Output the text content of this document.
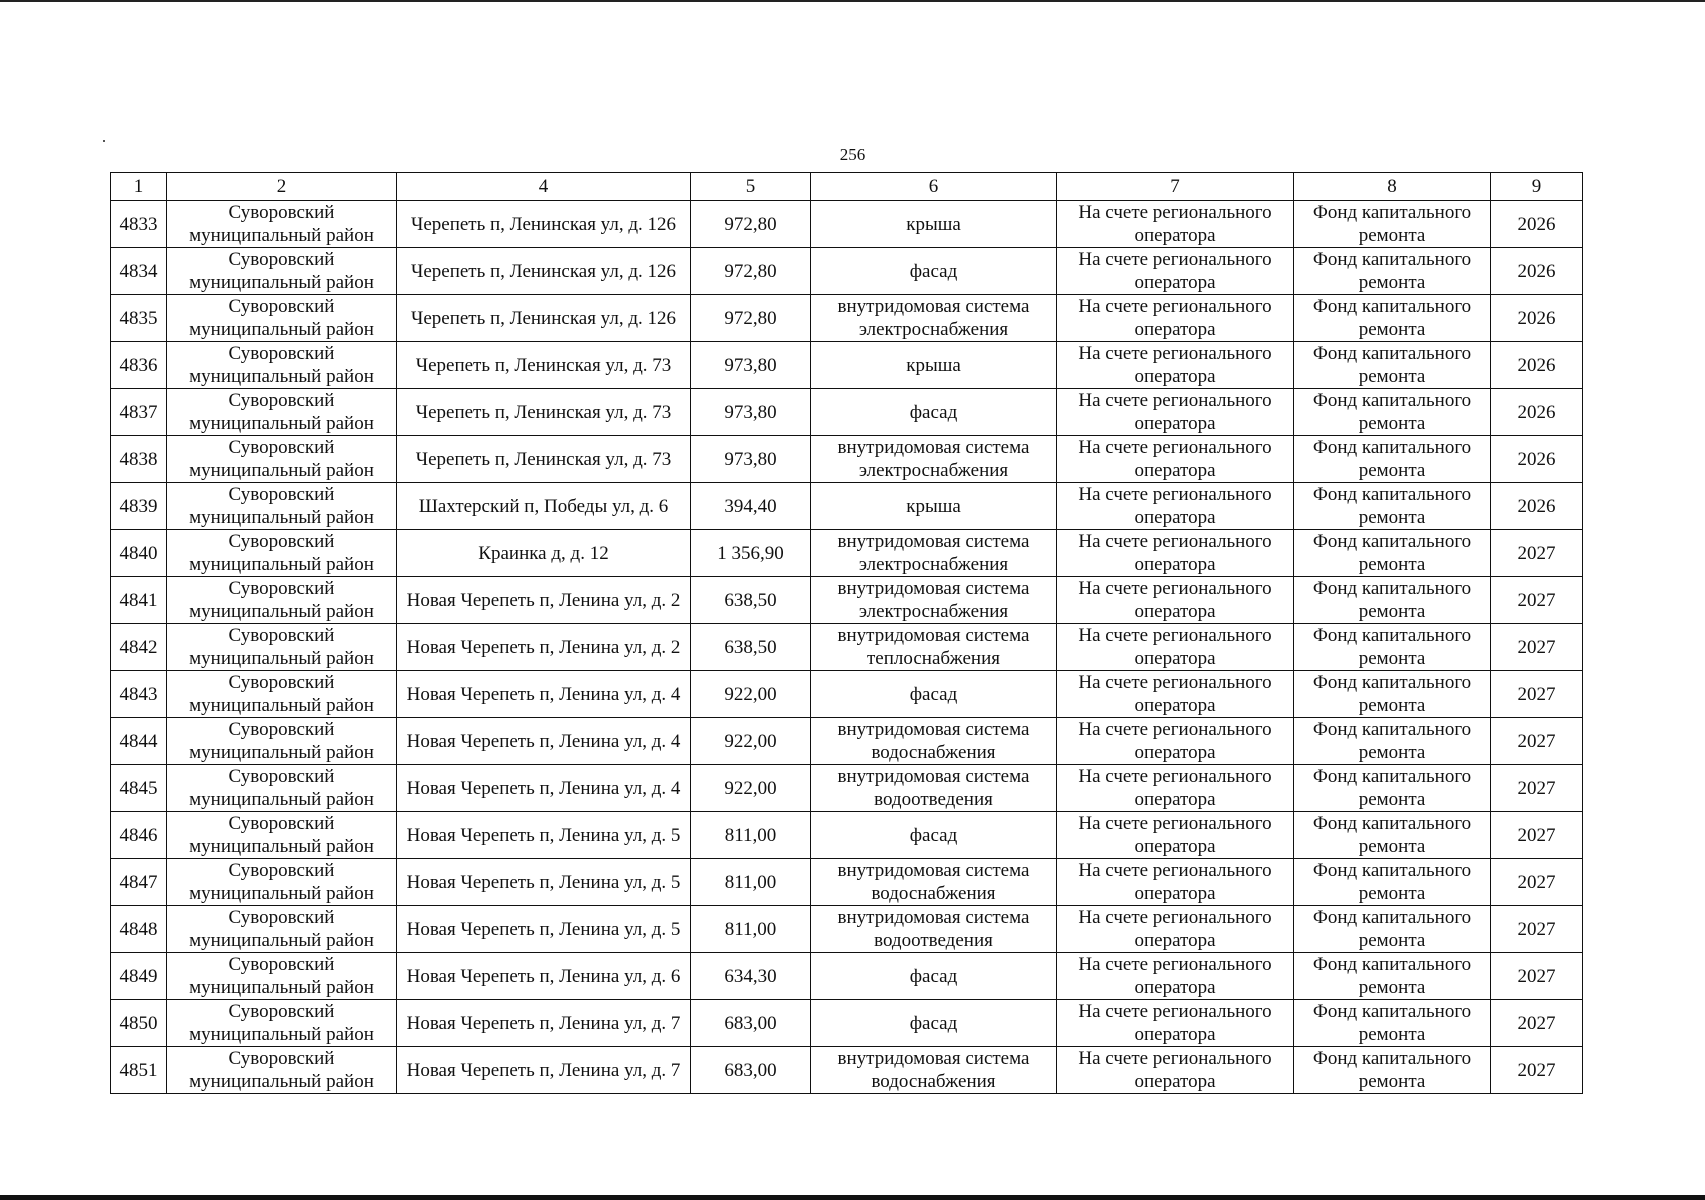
256
1	2	4	5	6	7	8	9
4833	Суворовский муниципальный район	Черепеть п, Ленинская ул, д. 126	972,80	крыша	На счете регионального оператора	Фонд капитального ремонта	2026
4834	Суворовский муниципальный район	Черепеть п, Ленинская ул, д. 126	972,80	фасад	На счете регионального оператора	Фонд капитального ремонта	2026
4835	Суворовский муниципальный район	Черепеть п, Ленинская ул, д. 126	972,80	внутридомовая система электроснабжения	На счете регионального оператора	Фонд капитального ремонта	2026
4836	Суворовский муниципальный район	Черепеть п, Ленинская ул, д. 73	973,80	крыша	На счете регионального оператора	Фонд капитального ремонта	2026
4837	Суворовский муниципальный район	Черепеть п, Ленинская ул, д. 73	973,80	фасад	На счете регионального оператора	Фонд капитального ремонта	2026
4838	Суворовский муниципальный район	Черепеть п, Ленинская ул, д. 73	973,80	внутридомовая система электроснабжения	На счете регионального оператора	Фонд капитального ремонта	2026
4839	Суворовский муниципальный район	Шахтерский п, Победы ул, д. 6	394,40	крыша	На счете регионального оператора	Фонд капитального ремонта	2026
4840	Суворовский муниципальный район	Краинка д, д. 12	1 356,90	внутридомовая система электроснабжения	На счете регионального оператора	Фонд капитального ремонта	2027
4841	Суворовский муниципальный район	Новая Черепеть п, Ленина ул, д. 2	638,50	внутридомовая система электроснабжения	На счете регионального оператора	Фонд капитального ремонта	2027
4842	Суворовский муниципальный район	Новая Черепеть п, Ленина ул, д. 2	638,50	внутридомовая система теплоснабжения	На счете регионального оператора	Фонд капитального ремонта	2027
4843	Суворовский муниципальный район	Новая Черепеть п, Ленина ул, д. 4	922,00	фасад	На счете регионального оператора	Фонд капитального ремонта	2027
4844	Суворовский муниципальный район	Новая Черепеть п, Ленина ул, д. 4	922,00	внутридомовая система водоснабжения	На счете регионального оператора	Фонд капитального ремонта	2027
4845	Суворовский муниципальный район	Новая Черепеть п, Ленина ул, д. 4	922,00	внутридомовая система водоотведения	На счете регионального оператора	Фонд капитального ремонта	2027
4846	Суворовский муниципальный район	Новая Черепеть п, Ленина ул, д. 5	811,00	фасад	На счете регионального оператора	Фонд капитального ремонта	2027
4847	Суворовский муниципальный район	Новая Черепеть п, Ленина ул, д. 5	811,00	внутридомовая система водоснабжения	На счете регионального оператора	Фонд капитального ремонта	2027
4848	Суворовский муниципальный район	Новая Черепеть п, Ленина ул, д. 5	811,00	внутридомовая система водоотведения	На счете регионального оператора	Фонд капитального ремонта	2027
4849	Суворовский муниципальный район	Новая Черепеть п, Ленина ул, д. 6	634,30	фасад	На счете регионального оператора	Фонд капитального ремонта	2027
4850	Суворовский муниципальный район	Новая Черепеть п, Ленина ул, д. 7	683,00	фасад	На счете регионального оператора	Фонд капитального ремонта	2027
4851	Суворовский муниципальный район	Новая Черепеть п, Ленина ул, д. 7	683,00	внутридомовая система водоснабжения	На счете регионального оператора	Фонд капитального ремонта	2027
